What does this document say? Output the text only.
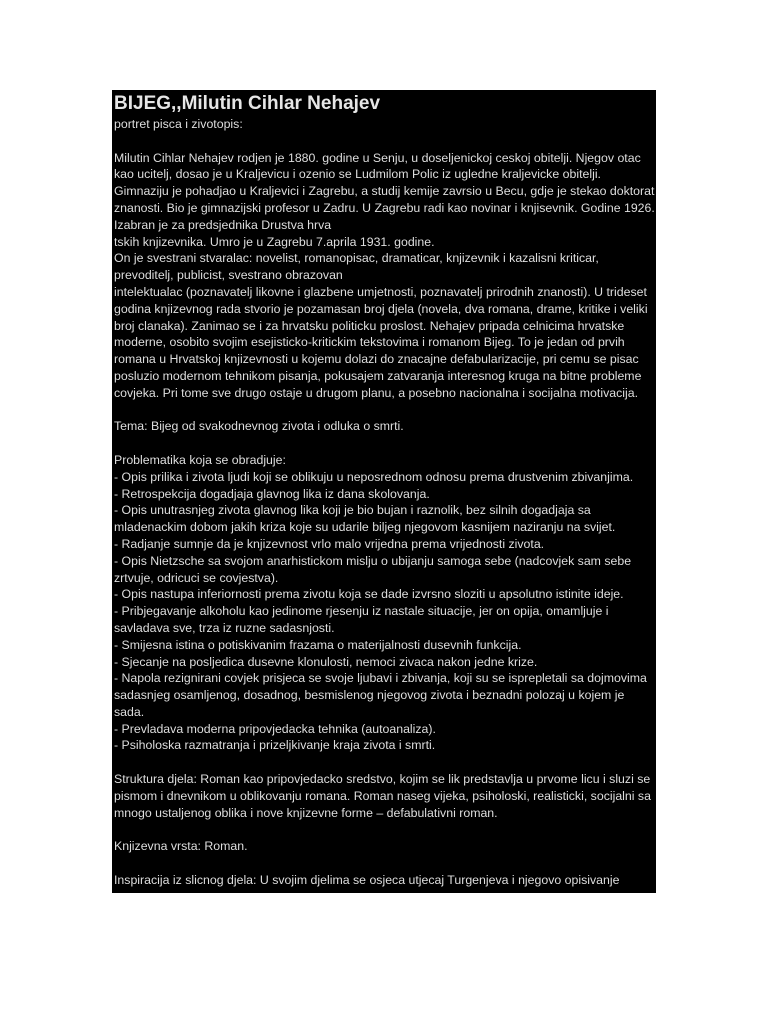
BIJEG,,Milutin Cihlar Nehajev
portret pisca i zivotopis:
Milutin Cihlar Nehajev rodjen je 1880. godine u Senju, u doseljenickoj ceskoj obitelji. Njegov otac
kao ucitelj, dosao je u Kraljevicu i ozenio se Ludmilom Polic iz ugledne kraljevicke obitelji.
Gimnaziju je pohadjao u Kraljevici i Zagrebu, a studij kemije zavrsio u Becu, gdje je stekao doktorat
znanosti. Bio je gimnazijski profesor u Zadru. U Zagrebu radi kao novinar i knjisevnik. Godine 1926.
Izabran je za predsjednika Drustva hrva
tskih knjizevnika. Umro je u Zagrebu 7.aprila 1931. godine.
On je svestrani stvaralac: novelist, romanopisac, dramaticar, knjizevnik i kazalisni kriticar,
prevoditelj, publicist, svestrano obrazovan
intelektualac (poznavatelj likovne i glazbene umjetnosti, poznavatelj prirodnih znanosti). U trideset
godina knjizevnog rada stvorio je pozamasan broj djela (novela, dva romana, drame, kritike i veliki
broj clanaka). Zanimao se i za hrvatsku politicku proslost. Nehajev pripada celnicima hrvatske
moderne, osobito svojim esejisticko-kritickim tekstovima i romanom Bijeg. To je jedan od prvih
romana u Hrvatskoj knjizevnosti u kojemu dolazi do znacajne defabularizacije, pri cemu se pisac
posluzio modernom tehnikom pisanja, pokusajem zatvaranja interesnog kruga na bitne probleme
covjeka. Pri tome sve drugo ostaje u drugom planu, a posebno nacionalna i socijalna motivacija.
Tema: Bijeg od svakodnevnog zivota i odluka o smrti.
Problematika koja se obradjuje:
- Opis prilika i zivota ljudi koji se oblikuju u neposrednom odnosu prema drustvenim zbivanjima.
- Retrospekcija dogadjaja glavnog lika iz dana skolovanja.
- Opis unutrasnjeg zivota glavnog lika koji je bio bujan i raznolik, bez silnih dogadjaja sa
mladenackim dobom jakih kriza koje su udarile biljeg njegovom kasnijem naziranju na svijet.
- Radjanje sumnje da je knjizevnost vrlo malo vrijedna prema vrijednosti zivota.
- Opis Nietzsche sa svojom anarhistickom mislju o ubijanju samoga sebe (nadcovjek sam sebe
zrtvuje, odricuci se covjestva).
- Opis nastupa inferiornosti prema zivotu koja se dade izvrsno sloziti u apsolutno istinite ideje.
- Pribjegavanje alkoholu kao jedinome rjesenju iz nastale situacije, jer on opija, omamljuje i
savladava sve, trza iz ruzne sadasnjosti.
- Smijesna istina o potiskivanim frazama o materijalnosti dusevnih funkcija.
- Sjecanje na posljedica dusevne klonulosti, nemoci zivaca nakon jedne krize.
- Napola rezignirani covjek prisjeca se svoje ljubavi i zbivanja, koji su se isprepletali sa dojmovima
sadasnjeg osamljenog, dosadnog, besmislenog njegovog zivota i beznadni polozaj u kojem je
sada.
- Prevladava moderna pripovjedacka tehnika (autoanaliza).
- Psiholoska razmatranja i prizeljkivanje kraja zivota i smrti.
Struktura djela: Roman kao pripovjedacko sredstvo, kojim se lik predstavlja u prvome licu i sluzi se
pismom i dnevnikom u oblikovanju romana. Roman naseg vijeka, psiholoski, realisticki, socijalni sa
mnogo ustaljenog oblika i nove knjizevne forme – defabulativni roman.
Knjizevna vrsta: Roman.
Inspiracija iz slicnog djela: U svojim djelima se osjeca utjecaj Turgenjeva i njegovo opisivanje
